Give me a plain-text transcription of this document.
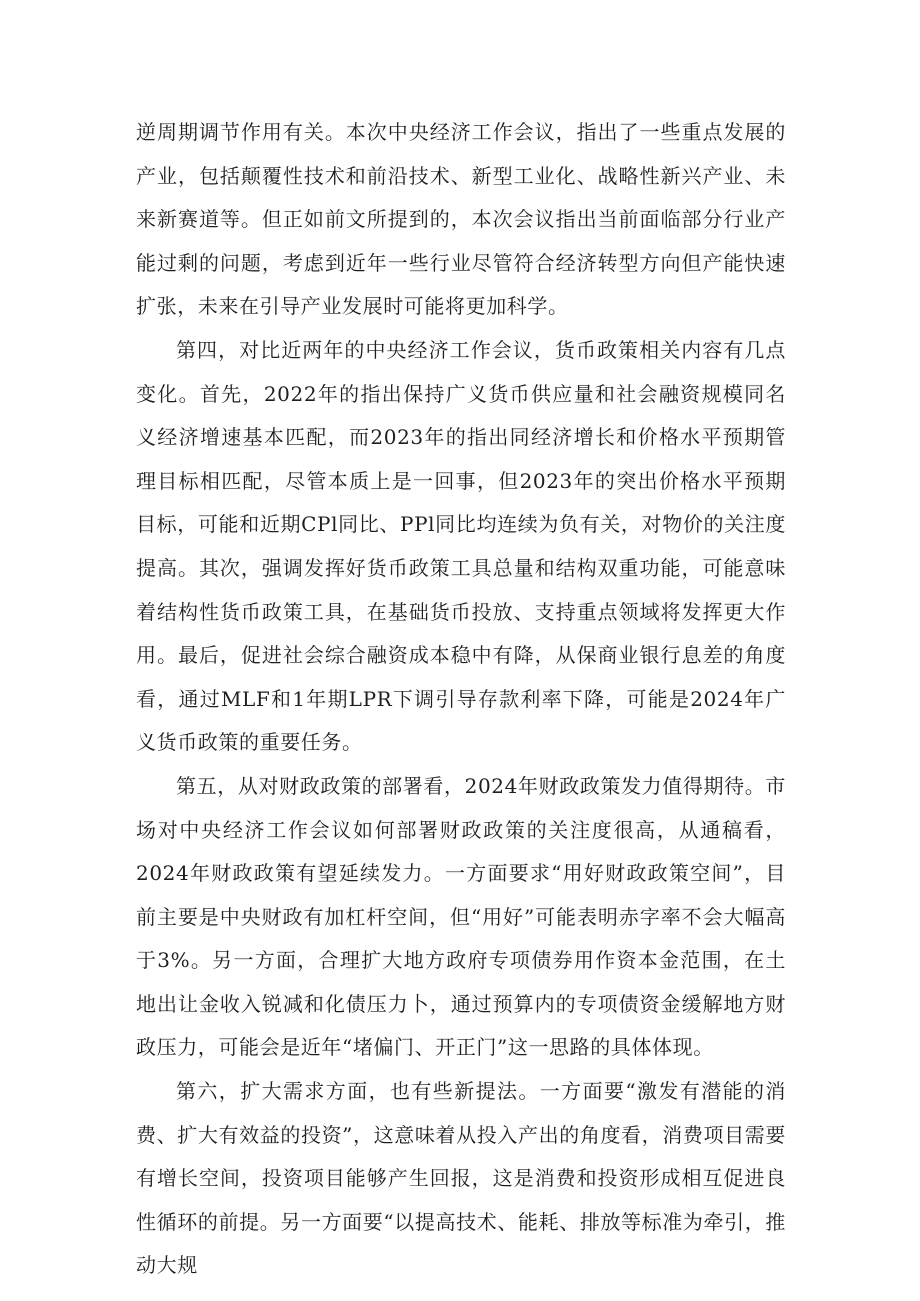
逆周期调节作用有关。本次中央经济工作会议，指出了一些重点发展的产业，包括颠覆性技术和前沿技术、新型工业化、战略性新兴产业、未来新赛道等。但正如前文所提到的，本次会议指出当前面临部分行业产能过剩的问题，考虑到近年一些行业尽管符合经济转型方向但产能快速扩张，未来在引导产业发展时可能将更加科学。

第四，对比近两年的中央经济工作会议，货币政策相关内容有几点变化。首先，2022年的指出保持广义货币供应量和社会融资规模同名义经济增速基本匹配，而2023年的指出同经济增长和价格水平预期管理目标相匹配，尽管本质上是一回事，但2023年的突出价格水平预期目标，可能和近期CPl同比、PPl同比均连续为负有关，对物价的关注度提高。其次，强调发挥好货币政策工具总量和结构双重功能，可能意味着结构性货币政策工具，在基础货币投放、支持重点领域将发挥更大作用。最后，促进社会综合融资成本稳中有降，从保商业银行息差的角度看，通过MLF和1年期LPR下调引导存款利率下降，可能是2024年广义货币政策的重要任务。

第五，从对财政政策的部署看，2024年财政政策发力值得期待。市场对中央经济工作会议如何部署财政政策的关注度很高，从通稿看，2024年财政政策有望延续发力。一方面要求“用好财政政策空间”，目前主要是中央财政有加杠杆空间，但“用好”可能表明赤字率不会大幅高于3%。另一方面，合理扩大地方政府专项债券用作资本金范围，在土地出让金收入锐减和化债压力卜，通过预算内的专项债资金缓解地方财政压力，可能会是近年“堵偏门、开正门”这一思路的具体体现。

第六，扩大需求方面，也有些新提法。一方面要“激发有潜能的消费、扩大有效益的投资”，这意味着从投入产出的角度看，消费项目需要有增长空间，投资项目能够产生回报，这是消费和投资形成相互促进良性循环的前提。另一方面要“以提高技术、能耗、排放等标准为牵引，推动大规
